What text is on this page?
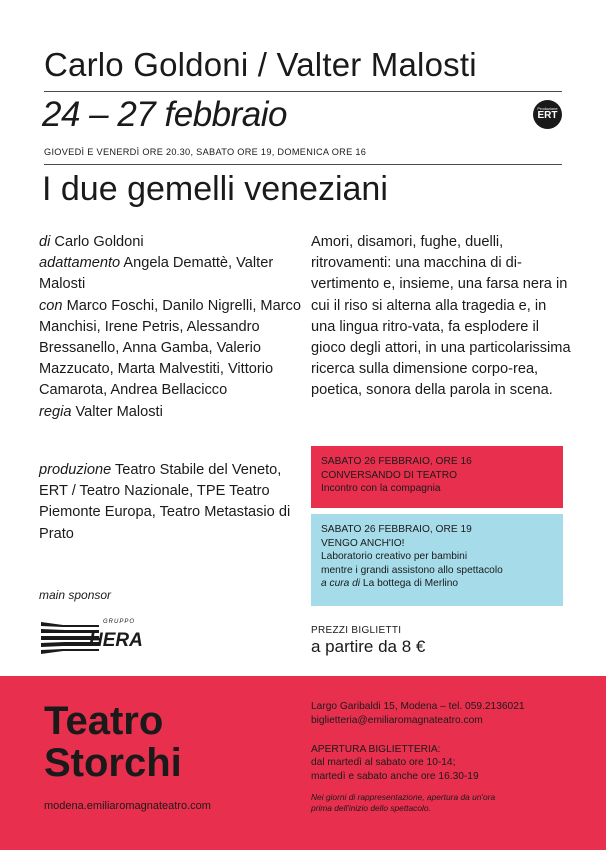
Carlo Goldoni / Valter Malosti
24 – 27 febbraio	Produzione
ERT
GIOVEDÌ E VENERDÌ ORE 20.30, SABATO ORE 19, DOMENICA ORE 16
I due gemelli veneziani

di Carlo Goldoni

adattamento Angela Demattè, Valter Malosti

con Marco Foschi, Danilo Nigrelli, Marco Manchisi, Irene Petris, Alessandro Bressanello, Anna Gamba, Valerio Mazzucato, Marta Malvestiti, Vittorio Camarota, Andrea Bellacicco

regia Valter Malosti

produzione Teatro Stabile del Veneto, ERT / Teatro Nazionale, TPE Teatro Piemonte Europa, Teatro Metastasio di Prato

Amori, disamori, fughe, duelli, ritrovamenti: una macchina di di-vertimento e, insieme, una farsa nera in cui il riso si alterna alla tragedia e, in una lingua ritro-vata, fa esplodere il gioco degli attori, in una particolarissima ricerca sulla dimensione corpo-rea, poetica, sonora della parola in scena.
SABATO 26 FEBBRAIO, ORE 16
CONVERSANDO DI TEATRO
Incontro con la compagnia
SABATO 26 FEBBRAIO, ORE 19
VENGO ANCH'IO!
Laboratorio creativo per bambini
mentre i grandi assistono allo spettacolo
a cura di La bottega di Merlino
main sponsor
GRUPPO
HERA	PREZZI BIGLIETTI
a partire da 8 €
Teatro
Storchi
modena.emiliaromagnateatro.com
Largo Garibaldi 15, Modena – tel. 059.2136021
biglietteria@emiliaromagnateatro.com
APERTURA BIGLIETTERIA:
dal martedì al sabato ore 10-14;
martedì e sabato anche ore 16.30-19
Nei giorni di rappresentazione, apertura da un'ora
prima dell'inizio dello spettacolo.
